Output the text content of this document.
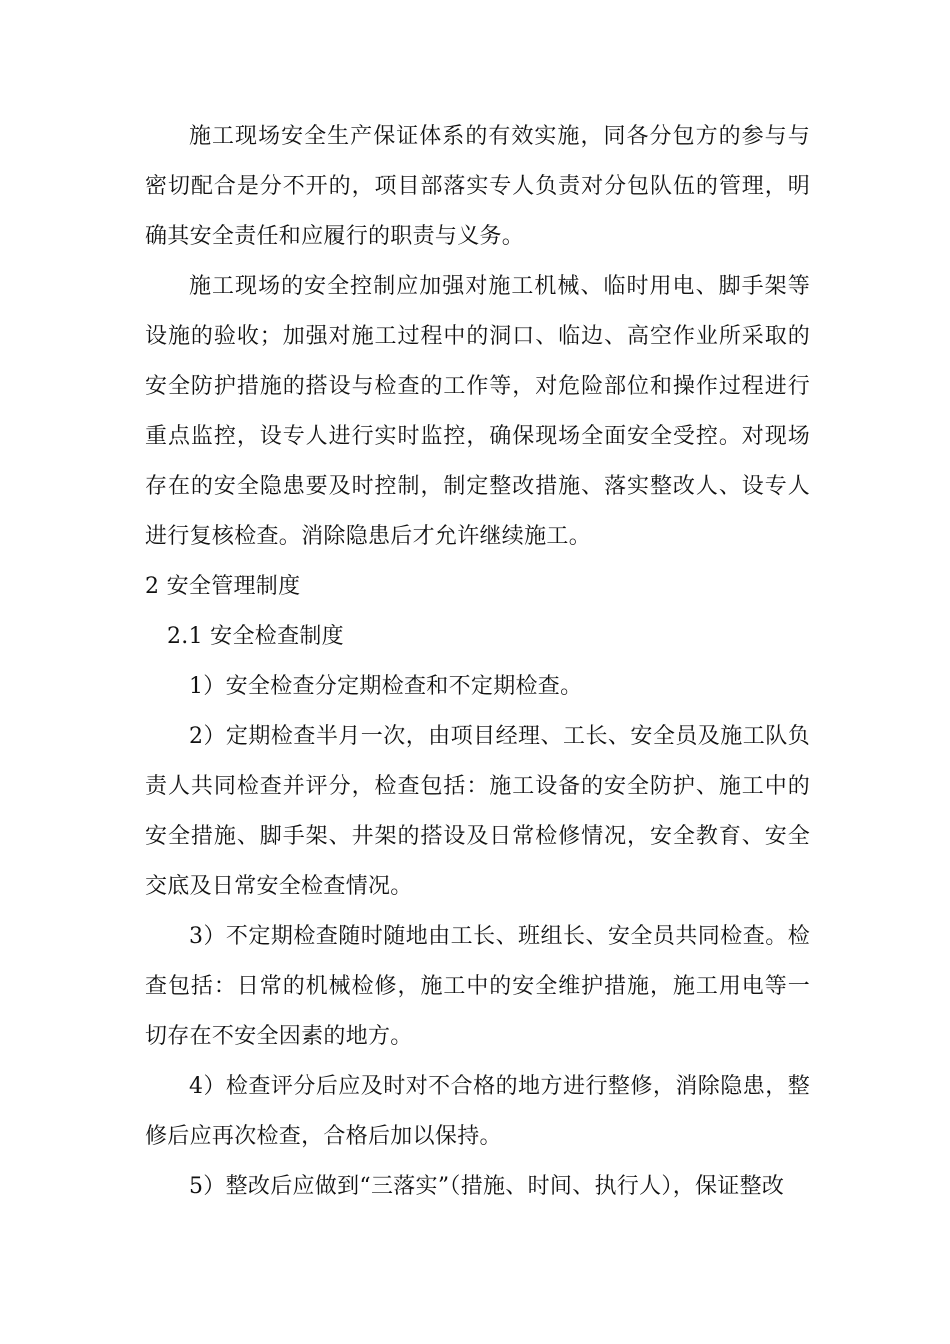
施工现场安全生产保证体系的有效实施，同各分包方的参与与密切配合是分不开的，项目部落实专人负责对分包队伍的管理，明确其安全责任和应履行的职责与义务。

施工现场的安全控制应加强对施工机械、临时用电、脚手架等设施的验收；加强对施工过程中的洞口、临边、高空作业所采取的安全防护措施的搭设与检查的工作等，对危险部位和操作过程进行重点监控，设专人进行实时监控，确保现场全面安全受控。对现场存在的安全隐患要及时控制，制定整改措施、落实整改人、设专人进行复核检查。消除隐患后才允许继续施工。

2 安全管理制度

2.1 安全检查制度

1）安全检查分定期检查和不定期检查。

2）定期检查半月一次，由项目经理、工长、安全员及施工队负责人共同检查并评分，检查包括：施工设备的安全防护、施工中的安全措施、脚手架、井架的搭设及日常检修情况，安全教育、安全交底及日常安全检查情况。

3）不定期检查随时随地由工长、班组长、安全员共同检查。检查包括：日常的机械检修，施工中的安全维护措施，施工用电等一切存在不安全因素的地方。

4）检查评分后应及时对不合格的地方进行整修，消除隐患，整修后应再次检查，合格后加以保持。

5）整改后应做到“三落实”（措施、时间、执行人），保证整改
